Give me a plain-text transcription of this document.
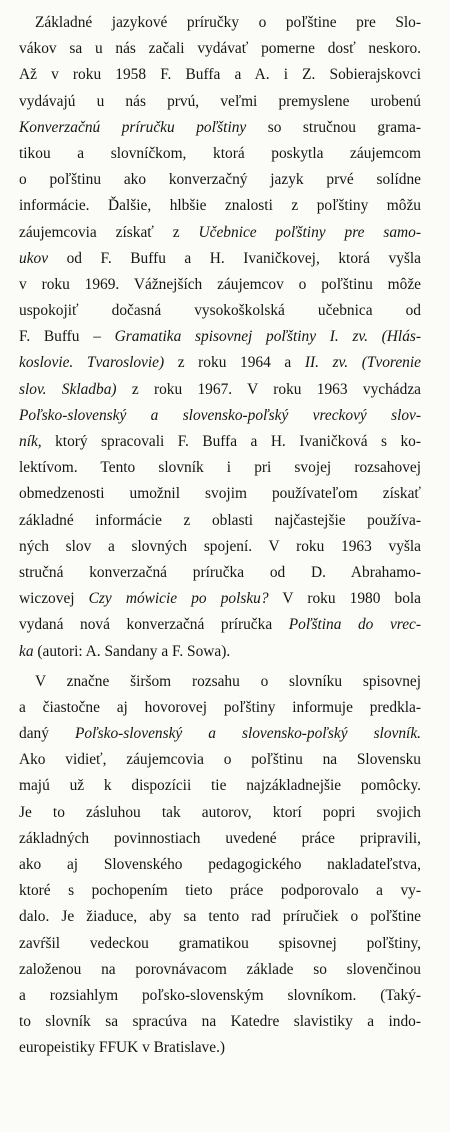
Základné jazykové príručky o poľštine pre Slo-
vákov sa u nás začali vydávať pomerne dosť neskoro.
Až v roku 1958 F. Buffa a A. i Z. Sobierajskovci
vydávajú u nás prvú, veľmi premyslene urobenú
Konverzačnú príručku poľštiny so stručnou grama-
tikou a slovníčkom, ktorá poskytla záujemcom
o poľštinu ako konverzačný jazyk prvé solídne
informácie. Ďalšie, hlbšie znalosti z poľštiny môžu
záujemcovia získať z Učebnice poľštiny pre samo-
ukov od F. Buffu a H. Ivaničkovej, ktorá vyšla
v roku 1969. Vážnejších záujemcov o poľštinu môže
uspokojiť dočasná vysokoškolská učebnica od
F. Buffu – Gramatika spisovnej poľštiny I. zv. (Hlás-
koslovie. Tvaroslovie) z roku 1964 a II. zv. (Tvorenie
slov. Skladba) z roku 1967. V roku 1963 vychádza
Poľsko-slovenský a slovensko-poľský vreckový slov-
ník, ktorý spracovali F. Buffa a H. Ivaničková s ko-
lektívom. Tento slovník i pri svojej rozsahovej
obmedzenosti umožnil svojim používateľom získať
základné informácie z oblasti najčastejšie používa-
ných slov a slovných spojení. V roku 1963 vyšla
stručná konverzačná príručka od D. Abrahamo-
wiczovej Czy mówicie po polsku? V roku 1980 bola
vydaná nová konverzačná príručka Poľština do vrec-
ka (autori: A. Sandany a F. Sowa).
V značne širšom rozsahu o slovníku spisovnej
a čiastočne aj hovorovej poľštiny informuje predkla-
daný Poľsko-slovenský a slovensko-poľský slovník.
Ako vidieť, záujemcovia o poľštinu na Slovensku
majú už k dispozícii tie najzákladnejšie pomôcky.
Je to zásluhou tak autorov, ktorí popri svojich
základných povinnostiach uvedené práce pripravili,
ako aj Slovenského pedagogického nakladateľstva,
ktoré s pochopením tieto práce podporovalo a vy-
dalo. Je žiaduce, aby sa tento rad príručiek o poľštine
zavŕšil vedeckou gramatikou spisovnej poľštiny,
založenou na porovnávacom základe so slovenčinou
a rozsiahlym poľsko-slovenským slovníkom. (Taký-
to slovník sa spracúva na Katedre slavistiky a indo-
europeistiky FFUK v Bratislave.)
